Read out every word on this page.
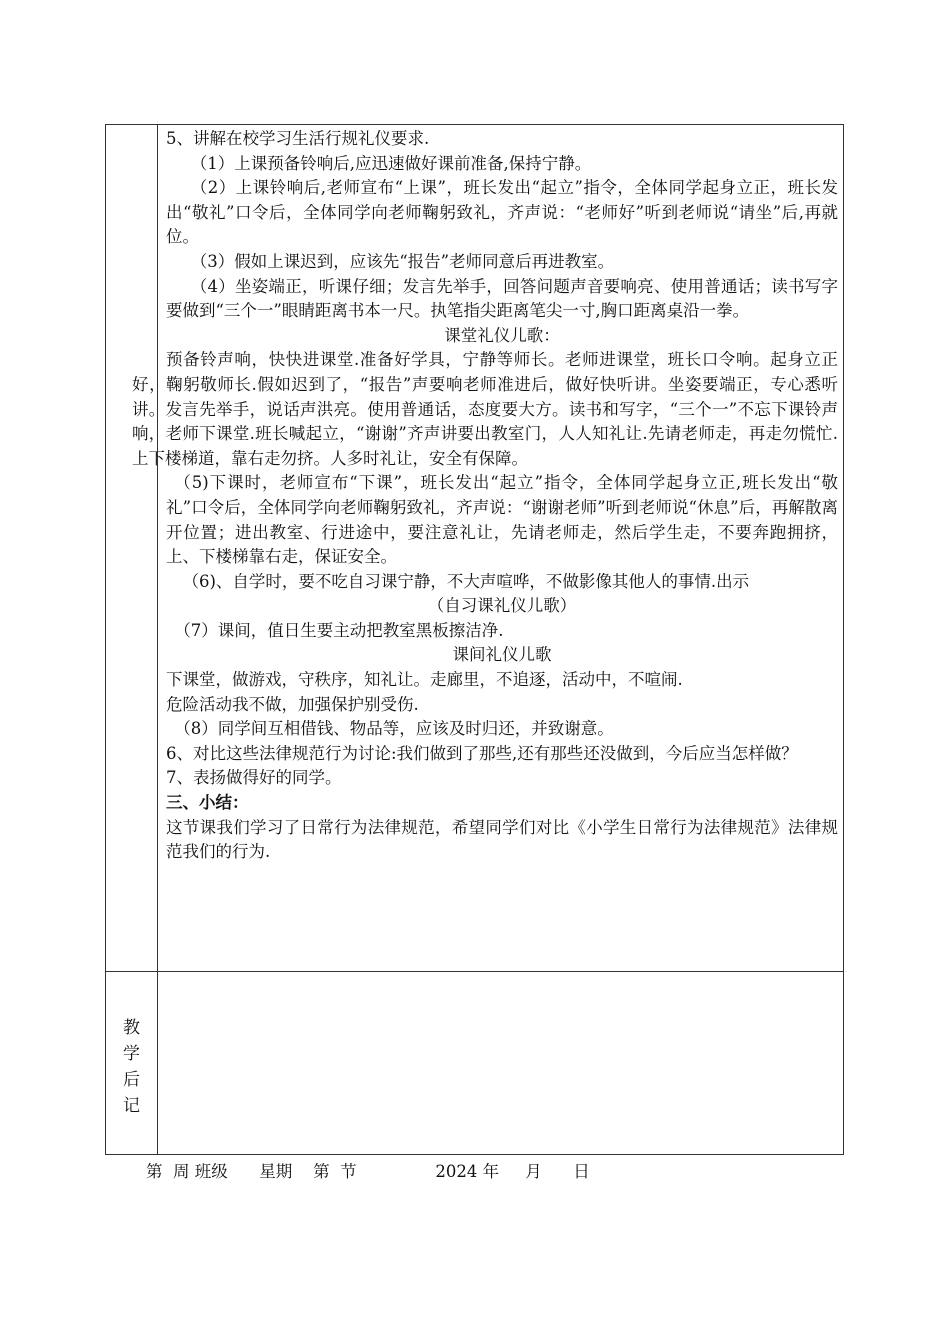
5、讲解在校学习生活行规礼仪要求.

（1）上课预备铃响后,应迅速做好课前准备,保持宁静。

（2）上课铃响后,老师宣布“上课”，班长发出“起立”指令，全体同学起身立正，班长发出“敬礼”口令后，全体同学向老师鞠躬致礼，齐声说：“老师好”听到老师说“请坐”后,再就位。

（3）假如上课迟到，应该先“报告”老师同意后再进教室。

（4）坐姿端正，听课仔细；发言先举手，回答问题声音要响亮、使用普通话；读书写字要做到“三个一”眼睛距离书本一尺。执笔指尖距离笔尖一寸,胸口距离桌沿一拳。

课堂礼仪儿歌：

预备铃声响，快快进课堂.准备好学具，宁静等师长。老师进课堂，班长口令响。起身立正好，鞠躬敬师长.假如迟到了，“报告”声要响老师准进后，做好快听讲。坐姿要端正，专心悉听讲。发言先举手，说话声洪亮。使用普通话，态度要大方。读书和写字，“三个一”不忘下课铃声响，老师下课堂.班长喊起立，“谢谢”齐声讲要出教室门，人人知礼让.先请老师走，再走勿慌忙.上下楼梯道，靠右走勿挤。人多时礼让，安全有保障。

（5)下课时，老师宣布“下课”，班长发出“起立”指令，全体同学起身立正,班长发出“敬礼”口令后，全体同学向老师鞠躬致礼，齐声说：“谢谢老师”听到老师说“休息”后，再解散离开位置；进出教室、行进途中，要注意礼让，先请老师走，然后学生走，不要奔跑拥挤，上、下楼梯靠右走，保证安全。

（6)、自学时，要不吃自习课宁静，不大声喧哗，不做影像其他人的事情.出示

（自习课礼仪儿歌）

（7）课间，值日生要主动把教室黑板擦洁净.

课间礼仪儿歌

下课堂，做游戏，守秩序，知礼让。走廊里，不追逐，活动中，不喧闹.

危险活动我不做，加强保护别受伤.

（8）同学间互相借钱、物品等，应该及时归还，并致谢意。

6、对比这些法律规范行为讨论:我们做到了那些,还有那些还没做到，今后应当怎样做？

7、表扬做得好的同学。

三、小结：

这节课我们学习了日常行为法律规范，希望同学们对比《小学生日常行为法律规范》法律规范我们的行为.

教
学
后
记
第  周 班级      星期    第  节               2024 年     月      日
